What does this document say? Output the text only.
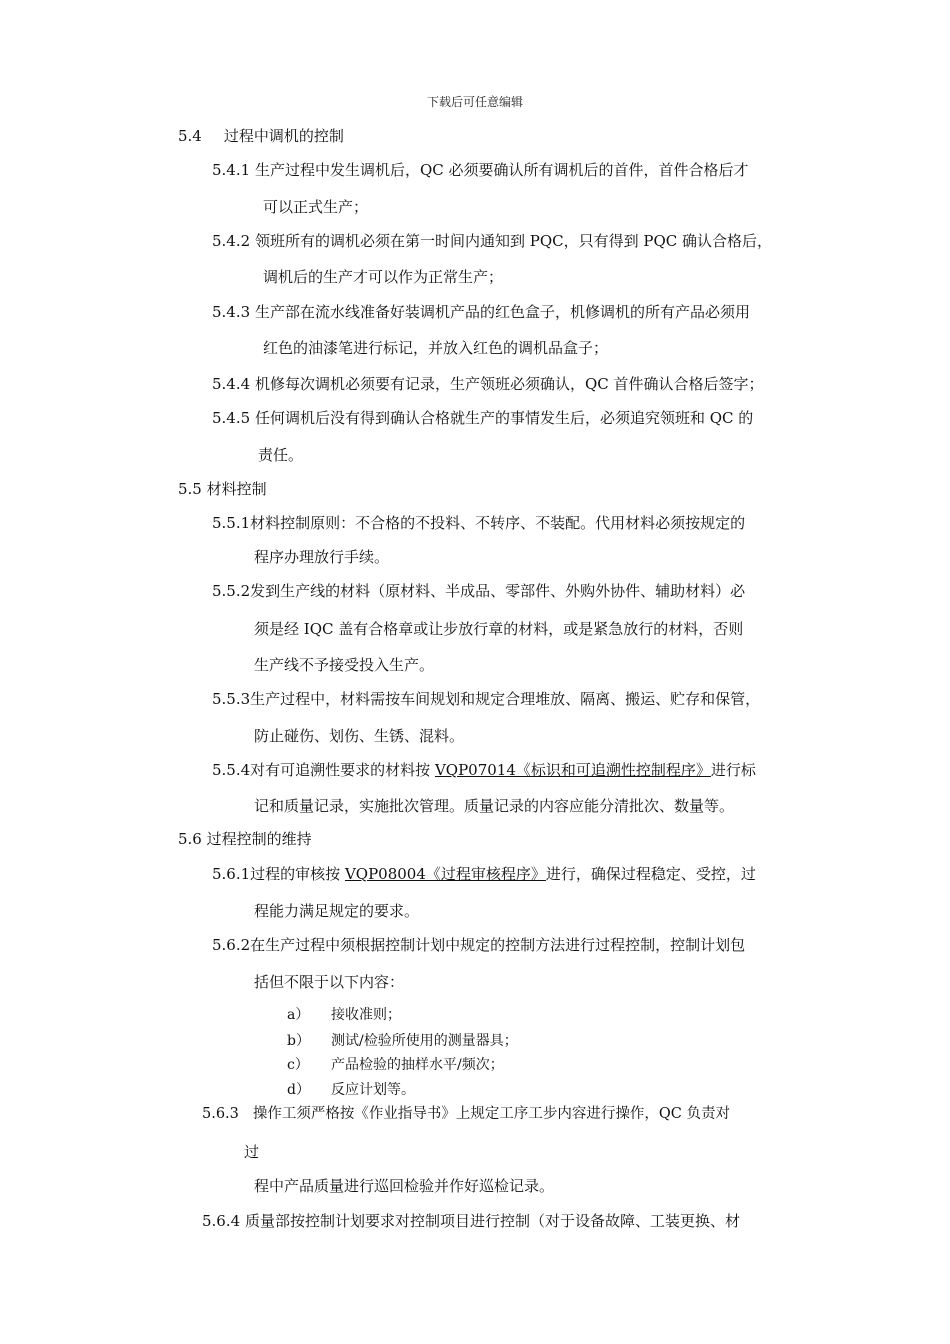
下载后可任意编辑
5.4 过程中调机的控制
5.4.1 生产过程中发生调机后，QC 必须要确认所有调机后的首件，首件合格后才
可以正式生产；
5.4.2 领班所有的调机必须在第一时间内通知到 PQC，只有得到 PQC 确认合格后，
调机后的生产才可以作为正常生产；
5.4.3 生产部在流水线准备好装调机产品的红色盒子，机修调机的所有产品必须用
红色的油漆笔进行标记，并放入红色的调机品盒子；
5.4.4 机修每次调机必须要有记录，生产领班必须确认，QC 首件确认合格后签字；
5.4.5 任何调机后没有得到确认合格就生产的事情发生后，必须追究领班和 QC 的
责任。
5.5 材料控制
5.5.1材料控制原则：不合格的不投料、不转序、不装配。代用材料必须按规定的
程序办理放行手续。
5.5.2发到生产线的材料（原材料、半成品、零部件、外购外协件、辅助材料）必
须是经 IQC 盖有合格章或让步放行章的材料，或是紧急放行的材料，否则
生产线不予接受投入生产。
5.5.3生产过程中，材料需按车间规划和规定合理堆放、隔离、搬运、贮存和保管，
防止碰伤、划伤、生锈、混料。
5.5.4对有可追溯性要求的材料按 VQP07014《标识和可追溯性控制程序》进行标
记和质量记录，实施批次管理。质量记录的内容应能分清批次、数量等。
5.6 过程控制的维持
5.6.1过程的审核按 VQP08004《过程审核程序》进行，确保过程稳定、受控，过
程能力满足规定的要求。
5.6.2在生产过程中须根据控制计划中规定的控制方法进行过程控制，控制计划包
括但不限于以下内容：
a） 接收准则；
b） 测试/检验所使用的测量器具；
c） 产品检验的抽样水平/频次；
d） 反应计划等。
5.6.3 操作工须严格按《作业指导书》上规定工序工步内容进行操作，QC 负责对
过
程中产品质量进行巡回检验并作好巡检记录。
5.6.4 质量部按控制计划要求对控制项目进行控制（对于设备故障、工装更换、材
